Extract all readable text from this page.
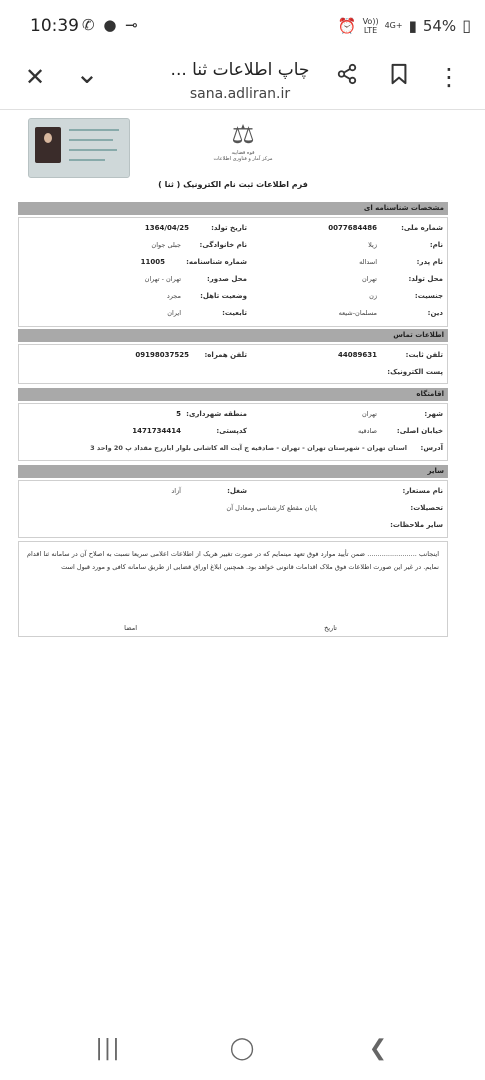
10:39 ✆ ● ⊸	⏰ Vo))
LTE 4G+ ▮ 54% ▯
✕ ⌄	چاپ اطلاعات ثنا ...
sana.adliran.ir
⋮
⚖
قوه قضاییه
مرکز آمار و فناوری اطلاعات
فرم اطلاعات ثبت نام الکترونیک ( ثنا )
مشخصات شناسنامه ای
شماره ملی:
0077684486
تاریخ تولد:
1364/04/25
نام:
زیلا
نام خانوادگی:
جبلی جوان
نام پدر:
اسداله
شماره شناسنامه:
11005
محل تولد:
تهران
محل صدور:
تهران - تهران
جنسیت:
زن
وضعیت تاهل:
مجرد
دین:
مسلمان-شیعه
تابعیت:
ایران
اطلاعات تماس
تلفن ثابت:
44089631
تلفن همراه:
09198037525
پست الکترونیک:
اقامتگاه
شهر:
تهران
منطقه شهرداری:
5
خیابان اصلی:
صادقیه
کدپستی:
1471734414
آدرس:
استان تهران - شهرستان تهران - تهران - صادقیه ج آیت اله کاشانی بلوار ابازرج مقداد پ 20 واحد 3
سایر
نام مستعار:
شغل:
آزاد
تحصیلات:
پایان مقطع کارشناسی ومعادل آن
سایر ملاحظات:
اینجانب ........................ ضمن تأیید موارد فوق تعهد مینمایم که در صورت تغییر هریک از اطلاعات اعلامی سریعا نسبت به اصلاح آن در سامانه ثنا اقدام نمایم. در غیر این صورت اطلاعات فوق ملاک اقدامات قانونی خواهد بود. همچنین ابلاغ اوراق قضایی از طریق سامانه کافی و مورد قبول است
تاریخ
امضا
|||	◯	❮
